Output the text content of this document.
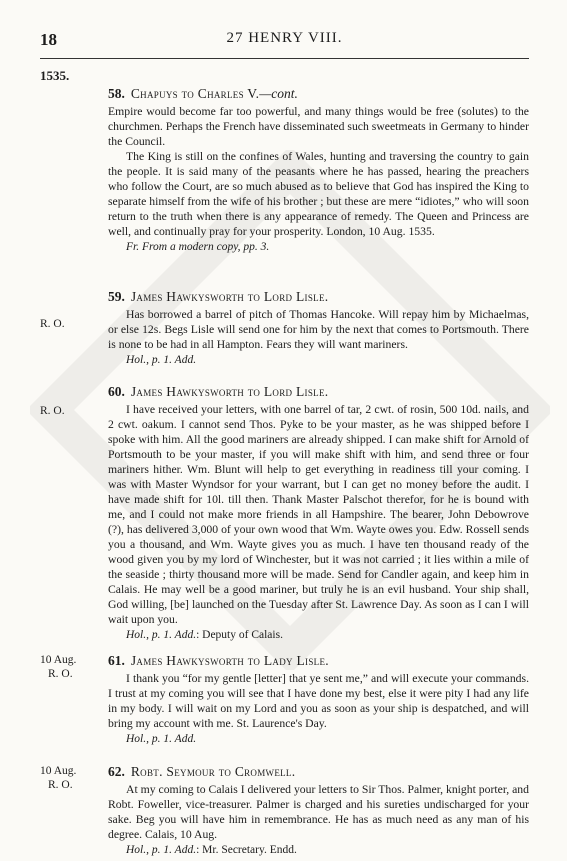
18	27 HENRY VIII.
1535.
58. Chapuys to Charles V.—cont.

Empire would become far too powerful, and many things would be free (solutes) to the churchmen. Perhaps the French have disseminated such sweetmeats in Germany to hinder the Council.

The King is still on the confines of Wales, hunting and traversing the country to gain the people. It is said many of the peasants where he has passed, hearing the preachers who follow the Court, are so much abused as to believe that God has inspired the King to separate himself from the wife of his brother ; but these are mere “idiotes,” who will soon return to the truth when there is any appearance of remedy. The Queen and Princess are well, and continually pray for your prosperity. London, 10 Aug. 1535.

Fr. From a modern copy, pp. 3.
R. O.
59. James Hawkysworth to Lord Lisle.

Has borrowed a barrel of pitch of Thomas Hancoke. Will repay him by Michaelmas, or else 12s. Begs Lisle will send one for him by the next that comes to Portsmouth. There is none to be had in all Hampton. Fears they will want mariners.

Hol., p. 1. Add.
R. O.
60. James Hawkysworth to Lord Lisle.

I have received your letters, with one barrel of tar, 2 cwt. of rosin, 500 10d. nails, and 2 cwt. oakum. I cannot send Thos. Pyke to be your master, as he was shipped before I spoke with him. All the good mariners are already shipped. I can make shift for Arnold of Portsmouth to be your master, if you will make shift with him, and send three or four mariners hither. Wm. Blunt will help to get everything in readiness till your coming. I was with Master Wyndsor for your warrant, but I can get no money before the audit. I have made shift for 10l. till then. Thank Master Palschot therefor, for he is bound with me, and I could not make more friends in all Hampshire. The bearer, John Debowrove (?), has delivered 3,000 of your own wood that Wm. Wayte owes you. Edw. Rossell sends you a thousand, and Wm. Wayte gives you as much. I have ten thousand ready of the wood given you by my lord of Winchester, but it was not carried ; it lies within a mile of the seaside ; thirty thousand more will be made. Send for Candler again, and keep him in Calais. He may well be a good mariner, but truly he is an evil husband. Your ship shall, God willing, [be] launched on the Tuesday after St. Lawrence Day. As soon as I can I will wait upon you.

Hol., p. 1. Add.: Deputy of Calais.
10 Aug.
R. O.
61. James Hawkysworth to Lady Lisle.

I thank you “for my gentle [letter] that ye sent me,” and will execute your commands. I trust at my coming you will see that I have done my best, else it were pity I had any life in my body. I will wait on my Lord and you as soon as your ship is despatched, and will bring my account with me. St. Laurence's Day.

Hol., p. 1. Add.
10 Aug.
R. O.
62. Robt. Seymour to Cromwell.

At my coming to Calais I delivered your letters to Sir Thos. Palmer, knight porter, and Robt. Foweller, vice-treasurer. Palmer is charged and his sureties undischarged for your sake. Beg you will have him in remembrance. He has as much need as any man of his degree. Calais, 10 Aug.

Hol., p. 1. Add.: Mr. Secretary. Endd.
